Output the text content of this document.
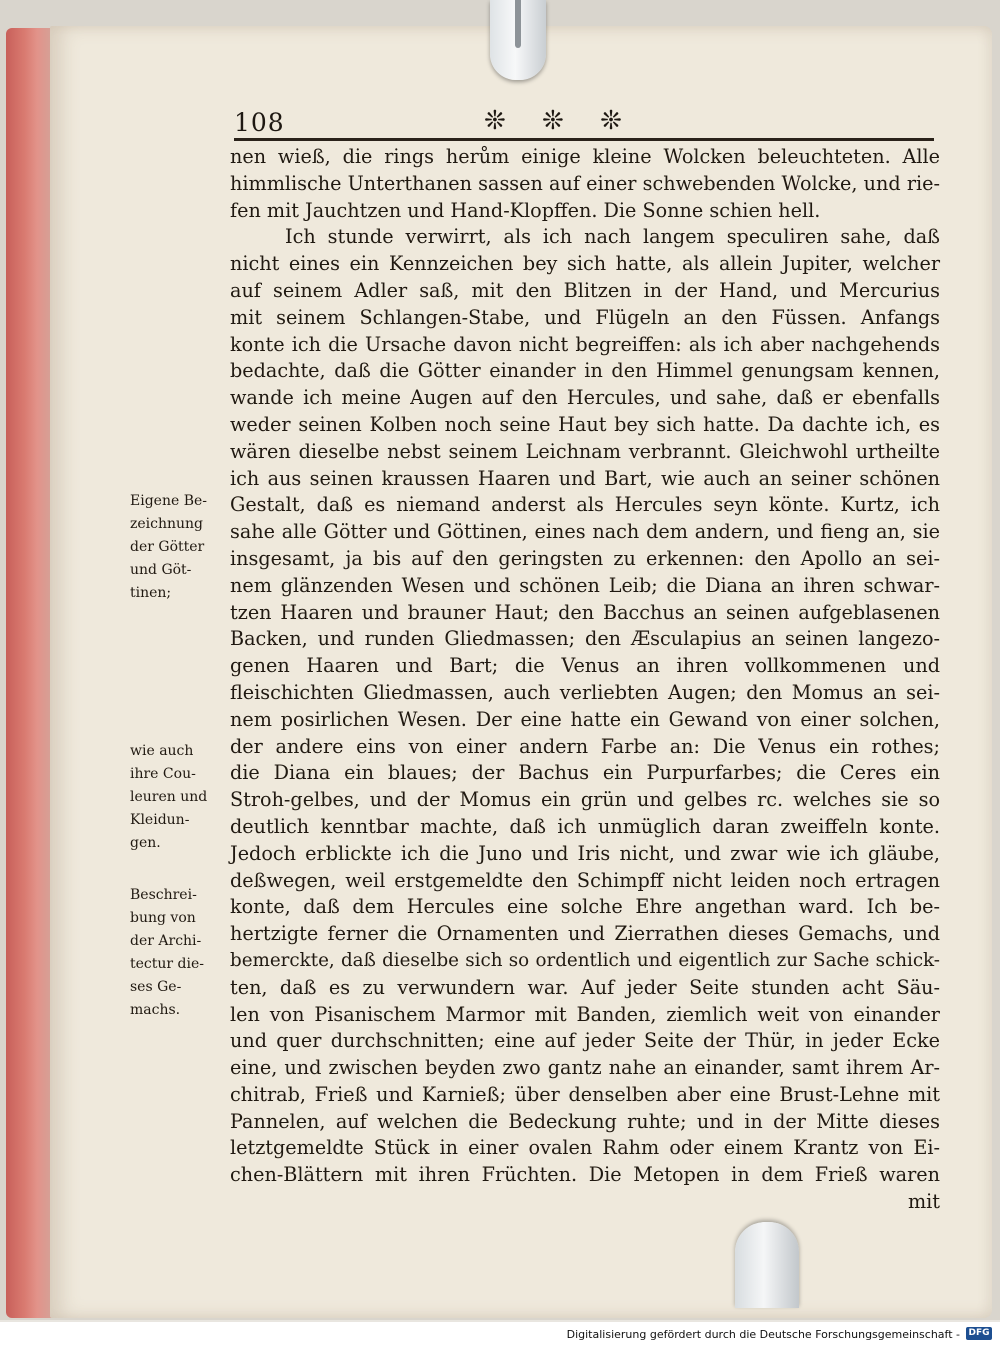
108	❊ ❊ ❊
nen wieß, die rings herům einige kleine Wolcken beleuchteten. Alle
himmlische Unterthanen sassen auf einer schwebenden Wolcke, und rie-
fen mit Jauchtzen und Hand-Klopffen. Die Sonne schien hell.
Ich stunde verwirrt, als ich nach langem speculiren sahe, daß
nicht eines ein Kennzeichen bey sich hatte, als allein Jupiter, welcher
auf seinem Adler saß, mit den Blitzen in der Hand, und Mercurius
mit seinem Schlangen-Stabe, und Flügeln an den Füssen. Anfangs
konte ich die Ursache davon nicht begreiffen: als ich aber nachgehends
bedachte, daß die Götter einander in den Himmel genungsam kennen,
wande ich meine Augen auf den Hercules, und sahe, daß er ebenfalls
weder seinen Kolben noch seine Haut bey sich hatte. Da dachte ich, es
wären dieselbe nebst seinem Leichnam verbrannt. Gleichwohl urtheilte
ich aus seinen kraussen Haaren und Bart, wie auch an seiner schönen
Gestalt, daß es niemand anderst als Hercules seyn könte. Kurtz, ich
sahe alle Götter und Göttinen, eines nach dem andern, und fieng an, sie
insgesamt, ja bis auf den geringsten zu erkennen: den Apollo an sei-
nem glänzenden Wesen und schönen Leib; die Diana an ihren schwar-
tzen Haaren und brauner Haut; den Bacchus an seinen aufgeblasenen
Backen, und runden Gliedmassen; den Æsculapius an seinen langezo-
genen Haaren und Bart; die Venus an ihren vollkommenen und
fleischichten Gliedmassen, auch verliebten Augen; den Momus an sei-
nem posirlichen Wesen. Der eine hatte ein Gewand von einer solchen,
der andere eins von einer andern Farbe an: Die Venus ein rothes;
die Diana ein blaues; der Bachus ein Purpurfarbes; die Ceres ein
Stroh-gelbes, und der Momus ein grün und gelbes rc. welches sie so
deutlich kenntbar machte, daß ich unmüglich daran zweiffeln konte.
Jedoch erblickte ich die Juno und Iris nicht, und zwar wie ich gläube,
deßwegen, weil erstgemeldte den Schimpff nicht leiden noch ertragen
konte, daß dem Hercules eine solche Ehre angethan ward. Ich be-
hertzigte ferner die Ornamenten und Zierrathen dieses Gemachs, und
bemerckte, daß dieselbe sich so ordentlich und eigentlich zur Sache schick-
ten, daß es zu verwundern war. Auf jeder Seite stunden acht Säu-
len von Pisanischem Marmor mit Banden, ziemlich weit von einander
und quer durchschnitten; eine auf jeder Seite der Thür, in jeder Ecke
eine, und zwischen beyden zwo gantz nahe an einander, samt ihrem Ar-
chitrab, Frieß und Karnieß; über denselben aber eine Brust-Lehne mit
Pannelen, auf welchen die Bedeckung ruhte; und in der Mitte dieses
letztgemeldte Stück in einer ovalen Rahm oder einem Krantz von Ei-
chen-Blättern mit ihren Früchten. Die Metopen in dem Frieß waren
mit
Eigene Be-
zeichnung
der Götter
und Göt-
tinen;
wie auch
ihre Cou-
leuren und
Kleidun-
gen.
Beschrei-
bung von
der Archi-
tectur die-
ses Ge-
machs.
Digitalisierung gefördert durch die Deutsche Forschungsgemeinschaft - DFG
